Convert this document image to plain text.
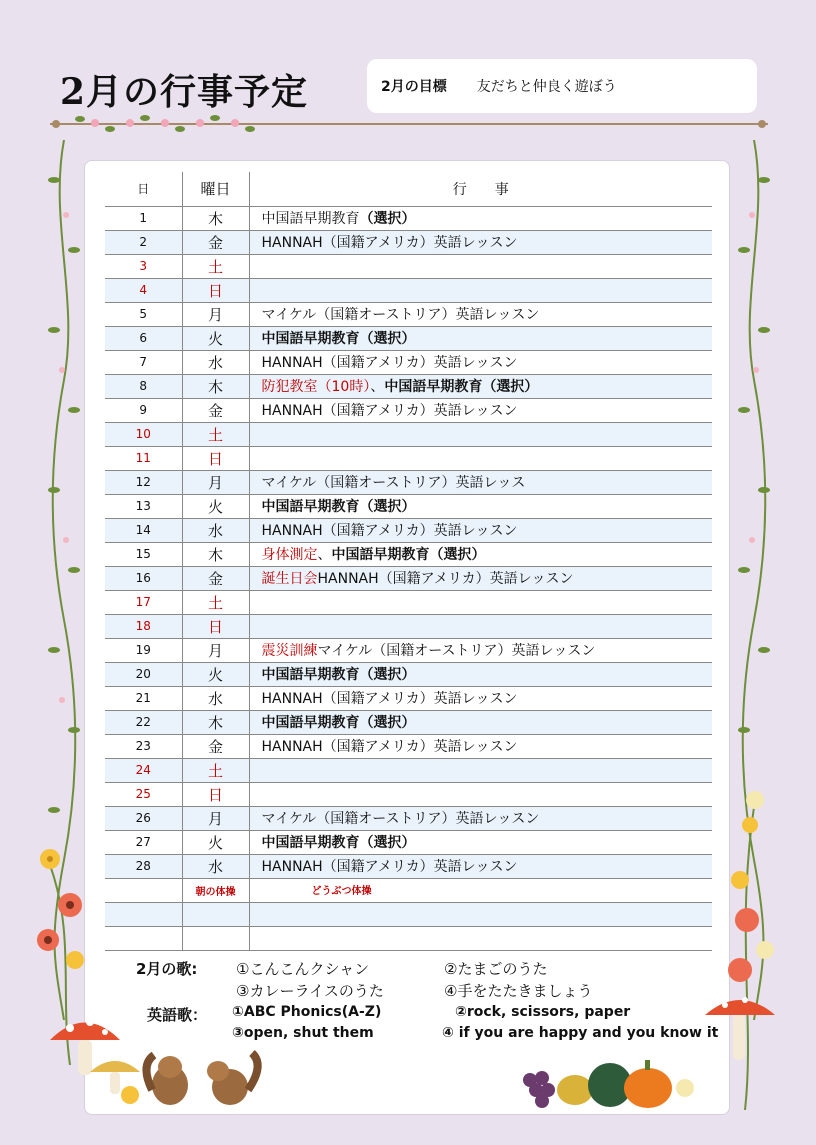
2月の行事予定	2月の目標 友だちと仲良く遊ぼう
日	曜日	行　　事
1	木	中国語早期教育（選択）
2	金	HANNAH（国籍アメリカ）英語レッスン
3	土	
4	日	
5	月	マイケル（国籍オーストリア）英語レッスン
6	火	中国語早期教育（選択）
7	水	HANNAH（国籍アメリカ）英語レッスン
8	木	防犯教室（10時）、中国語早期教育（選択）
9	金	HANNAH（国籍アメリカ）英語レッスン
10	土	
11	日	
12	月	マイケル（国籍オーストリア）英語レッス
13	火	中国語早期教育（選択）
14	水	HANNAH（国籍アメリカ）英語レッスン
15	木	身体測定、中国語早期教育（選択）
16	金	誕生日会HANNAH（国籍アメリカ）英語レッスン
17	土	
18	日	
19	月	震災訓練マイケル（国籍オーストリア）英語レッスン
20	火	中国語早期教育（選択）
21	水	HANNAH（国籍アメリカ）英語レッスン
22	木	中国語早期教育（選択）
23	金	HANNAH（国籍アメリカ）英語レッスン
24	土	
25	日	
26	月	マイケル（国籍オーストリア）英語レッスン
27	火	中国語早期教育（選択）
28	水	HANNAH（国籍アメリカ）英語レッスン
	朝の体操	どうぶつ体操

2月の歌:	①こんこんクシャン	②たまごのうた
③カレーライスのうた	④手をたたきましょう
英語歌： ①ABC Phonics(A-Z)	②rock, scissors, paper
③open, shut them	④ if you are happy and you know it
